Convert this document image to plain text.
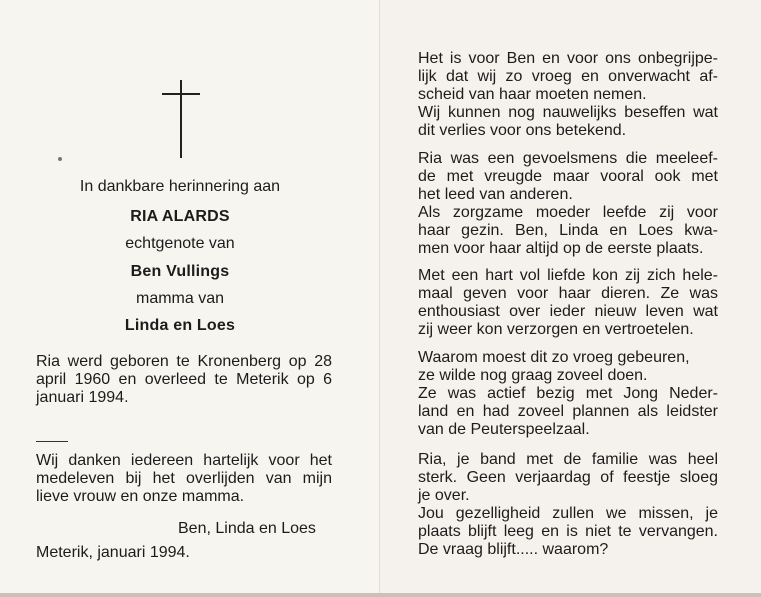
In dankbare herinnering aan
RIA ALARDS
echtgenote van
Ben Vullings
mamma van
Linda en Loes
Ria werd geboren te Kronenberg op 28
april 1960 en overleed te Meterik op 6
januari 1994.
Wij danken iedereen hartelijk voor het
medeleven bij het overlijden van mijn
lieve vrouw en onze mamma.
Ben, Linda en Loes
Meterik, januari 1994.
Het is voor Ben en voor ons onbegrijpe-
lijk dat wij zo vroeg en onverwacht af-
scheid van haar moeten nemen.
Wij kunnen nog nauwelijks beseffen wat
dit verlies voor ons betekend.
Ria was een gevoelsmens die meeleef-
de met vreugde maar vooral ook met
het leed van anderen.
Als zorgzame moeder leefde zij voor
haar gezin. Ben, Linda en Loes kwa-
men voor haar altijd op de eerste plaats.
Met een hart vol liefde kon zij zich hele-
maal geven voor haar dieren. Ze was
enthousiast over ieder nieuw leven wat
zij weer kon verzorgen en vertroetelen.
Waarom moest dit zo vroeg gebeuren,
ze wilde nog graag zoveel doen.
Ze was actief bezig met Jong Neder-
land en had zoveel plannen als leidster
van de Peuterspeelzaal.
Ria, je band met de familie was heel
sterk. Geen verjaardag of feestje sloeg
je over.
Jou gezelligheid zullen we missen, je
plaats blijft leeg en is niet te vervangen.
De vraag blijft..... waarom?
